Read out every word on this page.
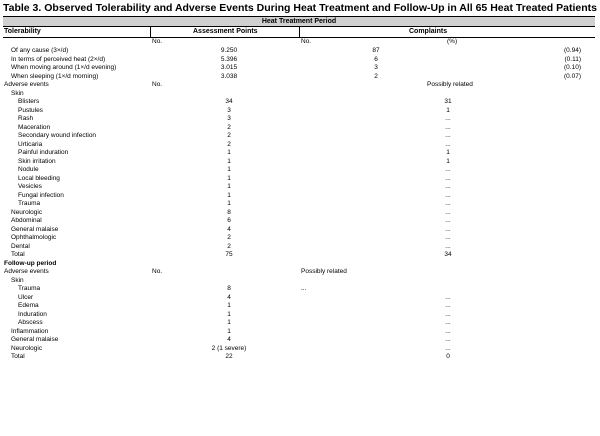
Table 3. Observed Tolerability and Adverse Events During Heat Treatment and Follow-Up in All 65 Heat Treated Patients
Heat Treatment Period
Tolerability	Assessment Points	Complaints
No.	No.	(%)
Of any cause (3×/d)	9.250	87	(0.94)
In terms of perceived heat (2×/d)	5.396	6	(0.11)
When moving around (1×/d evening)	3.015	3	(0.10)
When sleeping (1×/d morning)	3.038	2	(0.07)
Adverse events	No.	Possibly related
Skin
Blisters	34	31
Pustules	3	1
Rash	3	...
Maceration	2	...
Secondary wound infection	2	...
Urticaria	2	...
Painful induration	1	1
Skin irritation	1	1
Nodule	1	...
Local bleeding	1	...
Vesicles	1	...
Fungal infection	1	...
Trauma	1	...
Neurologic	8	...
Abdominal	6	...
General malaise	4	...
Ophthalmologic	2	...
Dental	2	...
Total	75	34
Follow-up period
Adverse events	No.	Possibly related
Skin
Trauma	8	...
Ulcer	4	...
Edema	1	...
Induration	1	...
Abscess	1	...
Inflammation	1	...
General malaise	4	...
Neurologic	2 (1 severe)	...
Total	22	0
